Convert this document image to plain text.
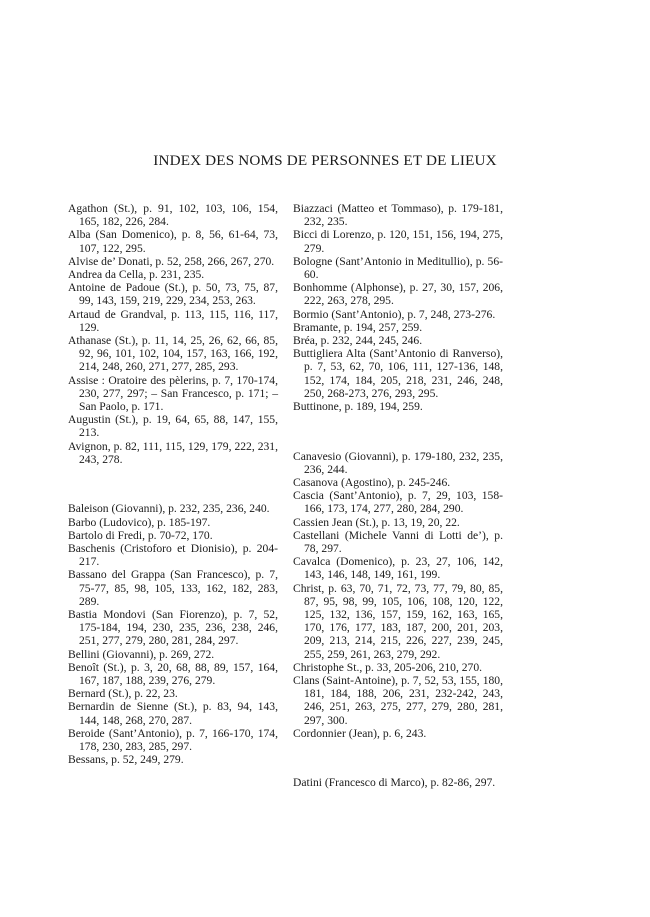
INDEX DES NOMS DE PERSONNES ET DE LIEUX

Agathon (St.), p. 91, 102, 103, 106, 154, 165, 182, 226, 284.

Alba (San Domenico), p. 8, 56, 61-64, 73, 107, 122, 295.

Alvise de’ Donati, p. 52, 258, 266, 267, 270.

Andrea da Cella, p. 231, 235.

Antoine de Padoue (St.), p. 50, 73, 75, 87, 99, 143, 159, 219, 229, 234, 253, 263.

Artaud de Grandval, p. 113, 115, 116, 117, 129.

Athanase (St.), p. 11, 14, 25, 26, 62, 66, 85, 92, 96, 101, 102, 104, 157, 163, 166, 192, 214, 248, 260, 271, 277, 285, 293.

Assise : Oratoire des pèlerins, p. 7, 170-174, 230, 277, 297; – San Francesco, p. 171; – San Paolo, p. 171.

Augustin (St.), p. 19, 64, 65, 88, 147, 155, 213.

Avignon, p. 82, 111, 115, 129, 179, 222, 231, 243, 278.

Baleison (Giovanni), p. 232, 235, 236, 240.

Barbo (Ludovico), p. 185-197.

Bartolo di Fredi, p. 70-72, 170.

Baschenis (Cristoforo et Dionisio), p. 204-217.

Bassano del Grappa (San Francesco), p. 7, 75-77, 85, 98, 105, 133, 162, 182, 283, 289.

Bastia Mondovi (San Fiorenzo), p. 7, 52, 175-184, 194, 230, 235, 236, 238, 246, 251, 277, 279, 280, 281, 284, 297.

Bellini (Giovanni), p. 269, 272.

Benoît (St.), p. 3, 20, 68, 88, 89, 157, 164, 167, 187, 188, 239, 276, 279.

Bernard (St.), p. 22, 23.

Bernardin de Sienne (St.), p. 83, 94, 143, 144, 148, 268, 270, 287.

Beroide (Sant’Antonio), p. 7, 166-170, 174, 178, 230, 283, 285, 297.

Bessans, p. 52, 249, 279.

Biazzaci (Matteo et Tommaso), p. 179-181, 232, 235.

Bicci di Lorenzo, p. 120, 151, 156, 194, 275, 279.

Bologne (Sant’Antonio in Meditullio), p. 56-60.

Bonhomme (Alphonse), p. 27, 30, 157, 206, 222, 263, 278, 295.

Bormio (Sant’Antonio), p. 7, 248, 273-276.

Bramante, p. 194, 257, 259.

Bréa, p. 232, 244, 245, 246.

Buttigliera Alta (Sant’Antonio di Ranverso), p. 7, 53, 62, 70, 106, 111, 127-136, 148, 152, 174, 184, 205, 218, 231, 246, 248, 250, 268-273, 276, 293, 295.

Buttinone, p. 189, 194, 259.

Canavesio (Giovanni), p. 179-180, 232, 235, 236, 244.

Casanova (Agostino), p. 245-246.

Cascia (Sant’Antonio), p. 7, 29, 103, 158-166, 173, 174, 277, 280, 284, 290.

Cassien Jean (St.), p. 13, 19, 20, 22.

Castellani (Michele Vanni di Lotti de’), p. 78, 297.

Cavalca (Domenico), p. 23, 27, 106, 142, 143, 146, 148, 149, 161, 199.

Christ, p. 63, 70, 71, 72, 73, 77, 79, 80, 85, 87, 95, 98, 99, 105, 106, 108, 120, 122, 125, 132, 136, 157, 159, 162, 163, 165, 170, 176, 177, 183, 187, 200, 201, 203, 209, 213, 214, 215, 226, 227, 239, 245, 255, 259, 261, 263, 279, 292.

Christophe St., p. 33, 205-206, 210, 270.

Clans (Saint-Antoine), p. 7, 52, 53, 155, 180, 181, 184, 188, 206, 231, 232-242, 243, 246, 251, 263, 275, 277, 279, 280, 281, 297, 300.

Cordonnier (Jean), p. 6, 243.

Datini (Francesco di Marco), p. 82-86, 297.
